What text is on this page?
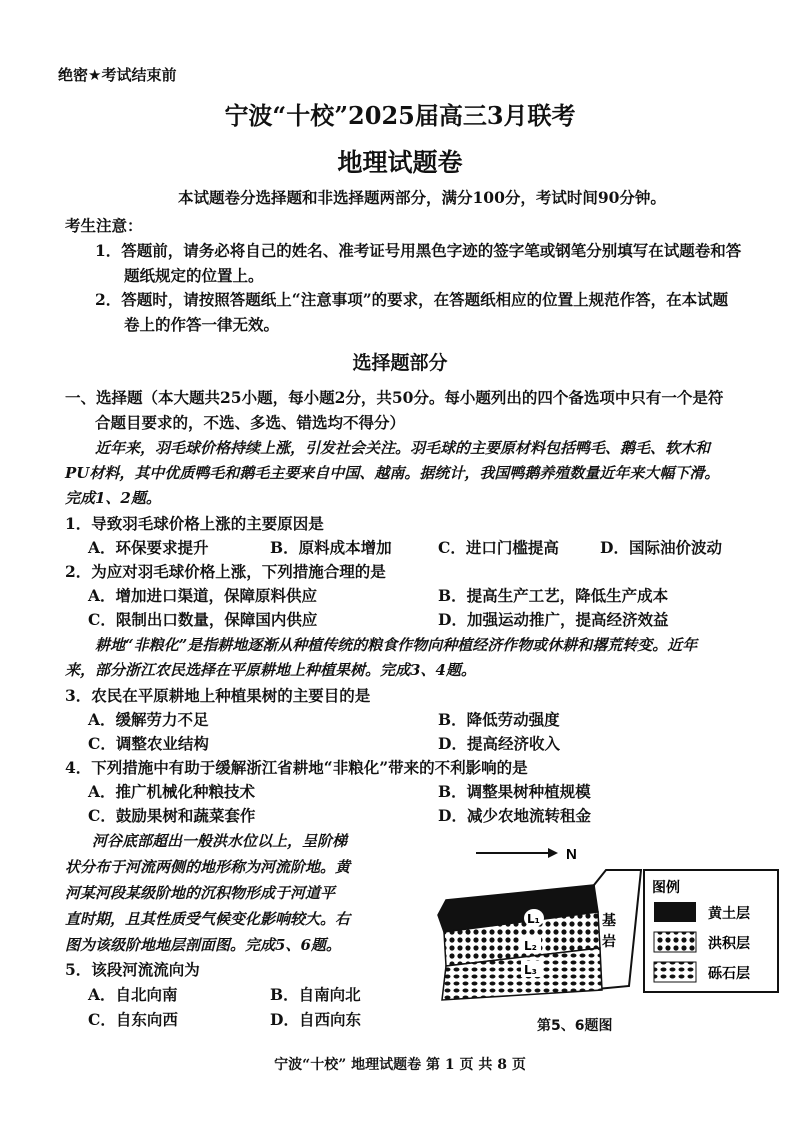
绝密★考试结束前
宁波“十校”2025届高三3月联考
地理试题卷
本试题卷分选择题和非选择题两部分，满分100分，考试时间90分钟。
考生注意：
1．答题前，请务必将自己的姓名、准考证号用黑色字迹的签字笔或钢笔分别填写在试题卷和答
题纸规定的位置上。
2．答题时，请按照答题纸上“注意事项”的要求，在答题纸相应的位置上规范作答，在本试题
卷上的作答一律无效。
选择题部分
一、选择题（本大题共25小题，每小题2分，共50分。每小题列出的四个备选项中只有一个是符
合题目要求的，不选、多选、错选均不得分）
近年来，羽毛球价格持续上涨，引发社会关注。羽毛球的主要原材料包括鸭毛、鹅毛、软木和
PU材料，其中优质鸭毛和鹅毛主要来自中国、越南。据统计，我国鸭鹅养殖数量近年来大幅下滑。
完成1、2题。
1．导致羽毛球价格上涨的主要原因是
A．环保要求提升	B．原料成本增加	C．进口门槛提高	D．国际油价波动
2．为应对羽毛球价格上涨，下列措施合理的是
A．增加进口渠道，保障原料供应	B．提高生产工艺，降低生产成本
C．限制出口数量，保障国内供应	D．加强运动推广，提高经济效益
耕地“非粮化”是指耕地逐渐从种植传统的粮食作物向种植经济作物或休耕和撂荒转变。近年
来，部分浙江农民选择在平原耕地上种植果树。完成3、4题。
3．农民在平原耕地上种植果树的主要目的是
A．缓解劳力不足	B．降低劳动强度
C．调整农业结构	D．提高经济收入
4．下列措施中有助于缓解浙江省耕地“非粮化”带来的不利影响的是
A．推广机械化种粮技术	B．调整果树种植规模
C．鼓励果树和蔬菜套作	D．减少农地流转租金
河谷底部超出一般洪水位以上，呈阶梯
状分布于河流两侧的地形称为河流阶地。黄
河某河段某级阶地的沉积物形成于河道平
直时期，且其性质受气候变化影响较大。右
图为该级阶地地层剖面图。完成5、6题。
5．该段河流流向为
A．自北向南	B．自南向北
C．自东向西	D．自西向东
N
基
岩
L₁
L₂
L₃
图例
黄土层
洪积层
砾石层
第5、6题图
宁波“十校” 地理试题卷 第 1 页 共 8 页
